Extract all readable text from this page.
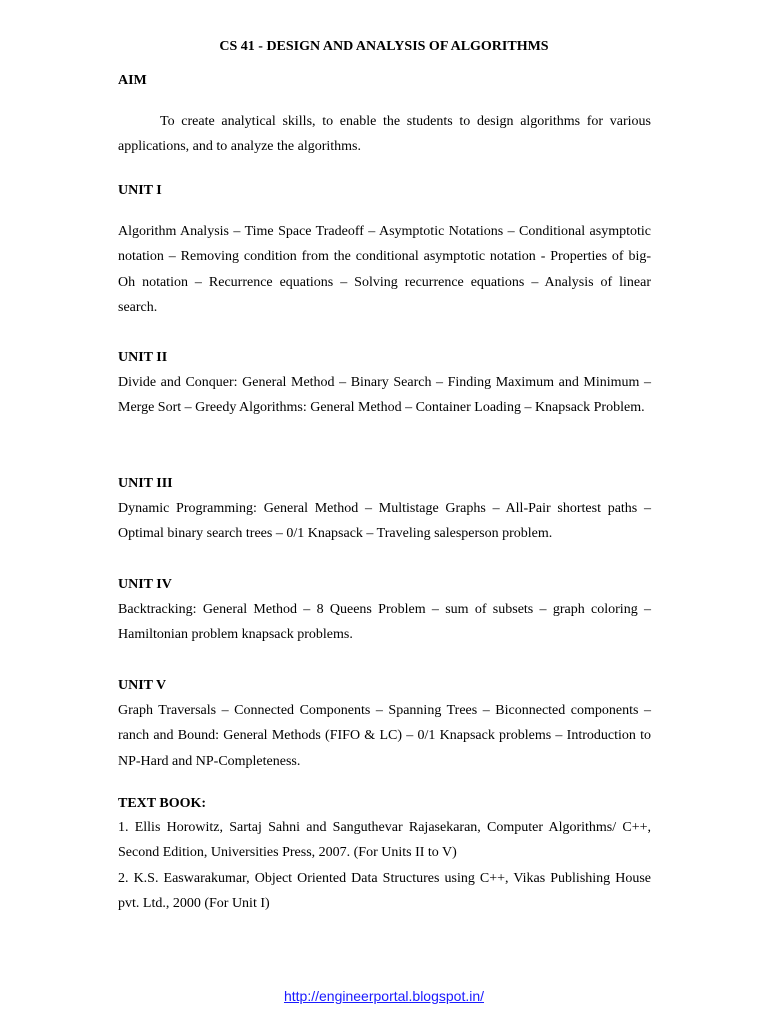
CS 41 - DESIGN AND ANALYSIS OF ALGORITHMS
AIM
To create analytical skills, to enable the students to design algorithms for various applications, and to analyze the algorithms.
UNIT I
Algorithm Analysis – Time Space Tradeoff – Asymptotic Notations – Conditional asymptotic notation – Removing condition from the conditional asymptotic notation - Properties of big-Oh notation – Recurrence equations – Solving recurrence equations – Analysis of linear search.
UNIT II
Divide and Conquer: General Method – Binary Search – Finding Maximum and Minimum – Merge Sort – Greedy Algorithms: General Method – Container Loading – Knapsack Problem.
UNIT III
Dynamic Programming: General Method – Multistage Graphs – All-Pair shortest paths – Optimal binary search trees – 0/1 Knapsack – Traveling salesperson problem.
UNIT IV
Backtracking: General Method – 8 Queens Problem – sum of subsets – graph coloring – Hamiltonian problem knapsack problems.
UNIT V
Graph Traversals – Connected Components – Spanning Trees – Biconnected components – ranch and Bound: General Methods (FIFO & LC) – 0/1 Knapsack problems – Introduction to NP-Hard and NP-Completeness.
TEXT BOOK:
1. Ellis Horowitz, Sartaj Sahni and Sanguthevar Rajasekaran, Computer Algorithms/ C++, Second Edition, Universities Press, 2007. (For Units II to V)
2. K.S. Easwarakumar, Object Oriented Data Structures using C++, Vikas Publishing House pvt. Ltd., 2000 (For Unit I)
http://engineerportal.blogspot.in/
